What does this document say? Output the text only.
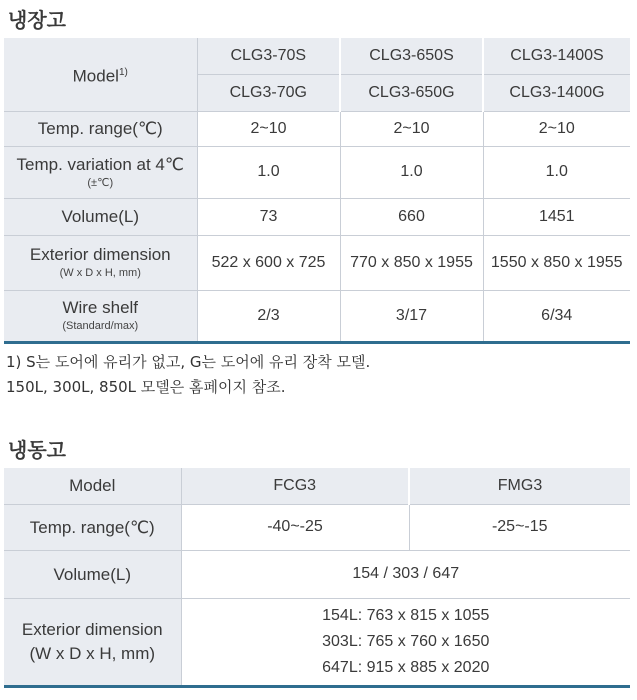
냉장고
Model$^{1)}$	CLG3-70S	CLG3-650S	CLG3-1400S
	CLG3-70G	CLG3-650G	CLG3-1400G
Temp. range(℃)	2~10	2~10	2~10
Temp. variation at 4℃
(±℃)	1.0	1.0	1.0
Volume(L)	73	660	1451
Exterior dimension
(W x D x H, mm)	522 x 600 x 725	770 x 850 x 1955	1550 x 850 x 1955
Wire shelf
(Standard/max)	2/3	3/17	6/34
1) S는 도어에 유리가 없고, G는 도어에 유리 장착 모델.
150L, 300L, 850L 모델은 홈페이지 참조.
냉동고
Model	FCG3	FMG3
Temp. range(℃)	-40~-25	-25~-15
Volume(L)	154 / 303 / 647	

Exterior dimension
(W x D x H, mm)	154L: 763 x 815 x 1055
303L: 765 x 760 x 1650
647L: 915 x 885 x 2020	
